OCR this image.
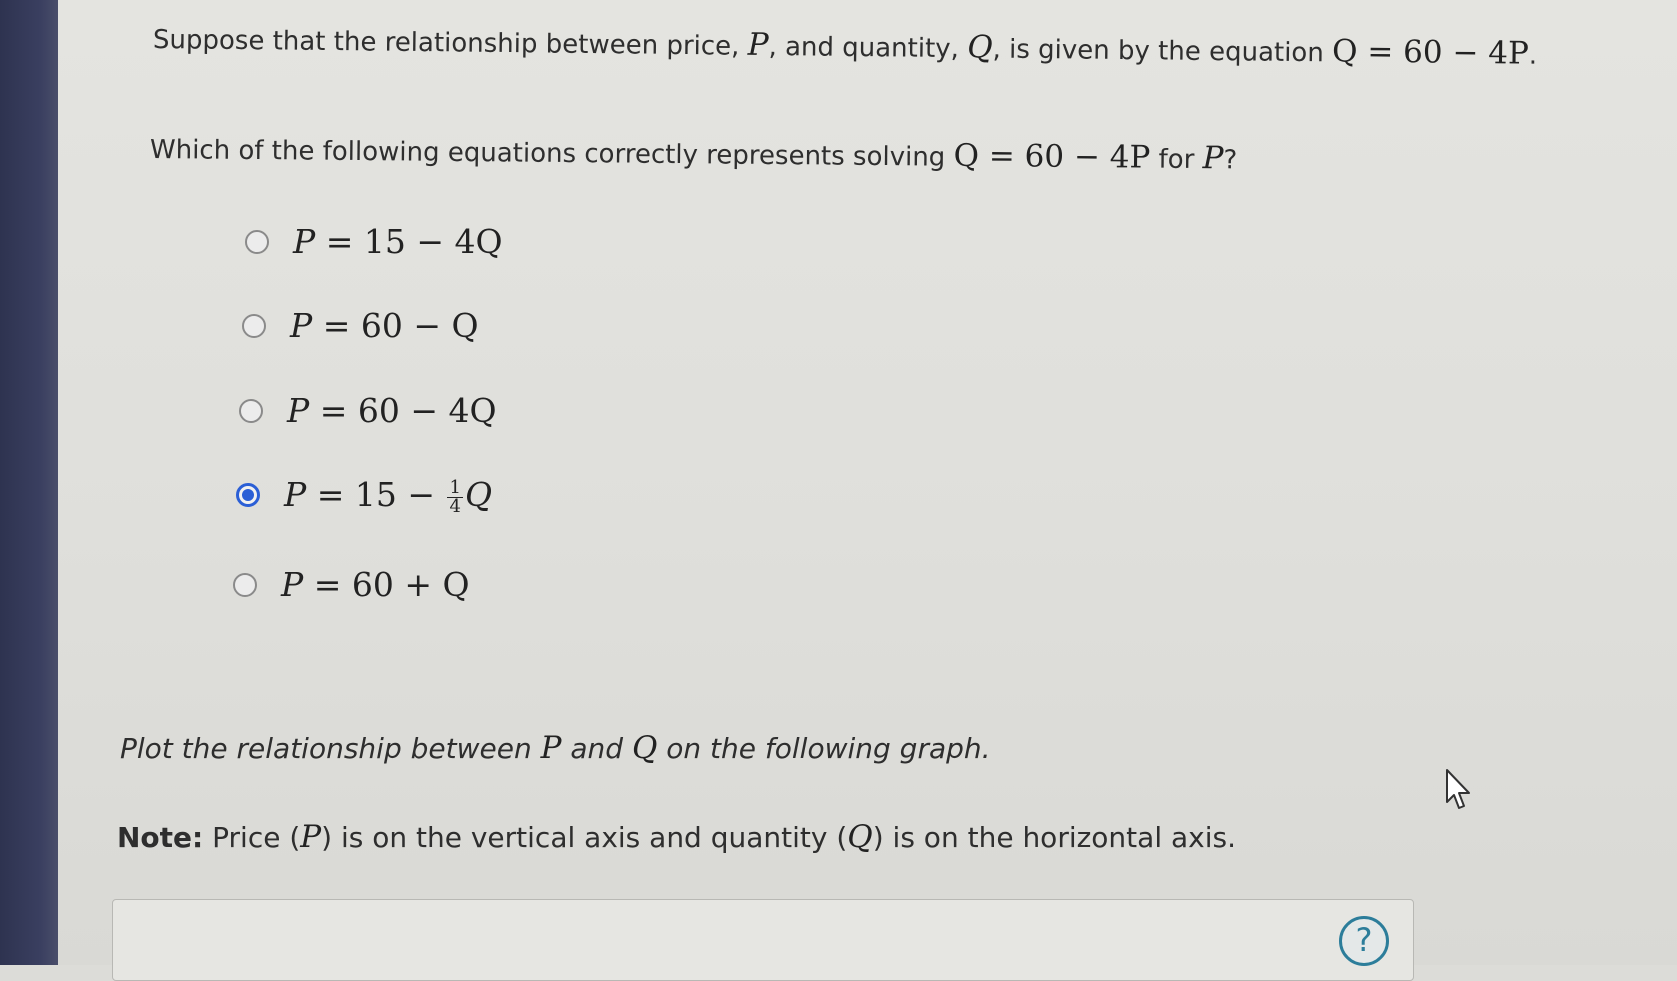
Suppose that the relationship between price, P, and quantity, Q, is given by the equation Q = 60 − 4P.
Which of the following equations correctly represents solving Q = 60 − 4P for P?
P = 15 − 4Q
P = 60 − Q
P = 60 − 4Q
$P = 15 - \frac{1}{4}$ Q
P = 60 + Q
Plot the relationship between P and Q on the following graph.
Note: Price (P) is on the vertical axis and quantity (Q) is on the horizontal axis.
?
